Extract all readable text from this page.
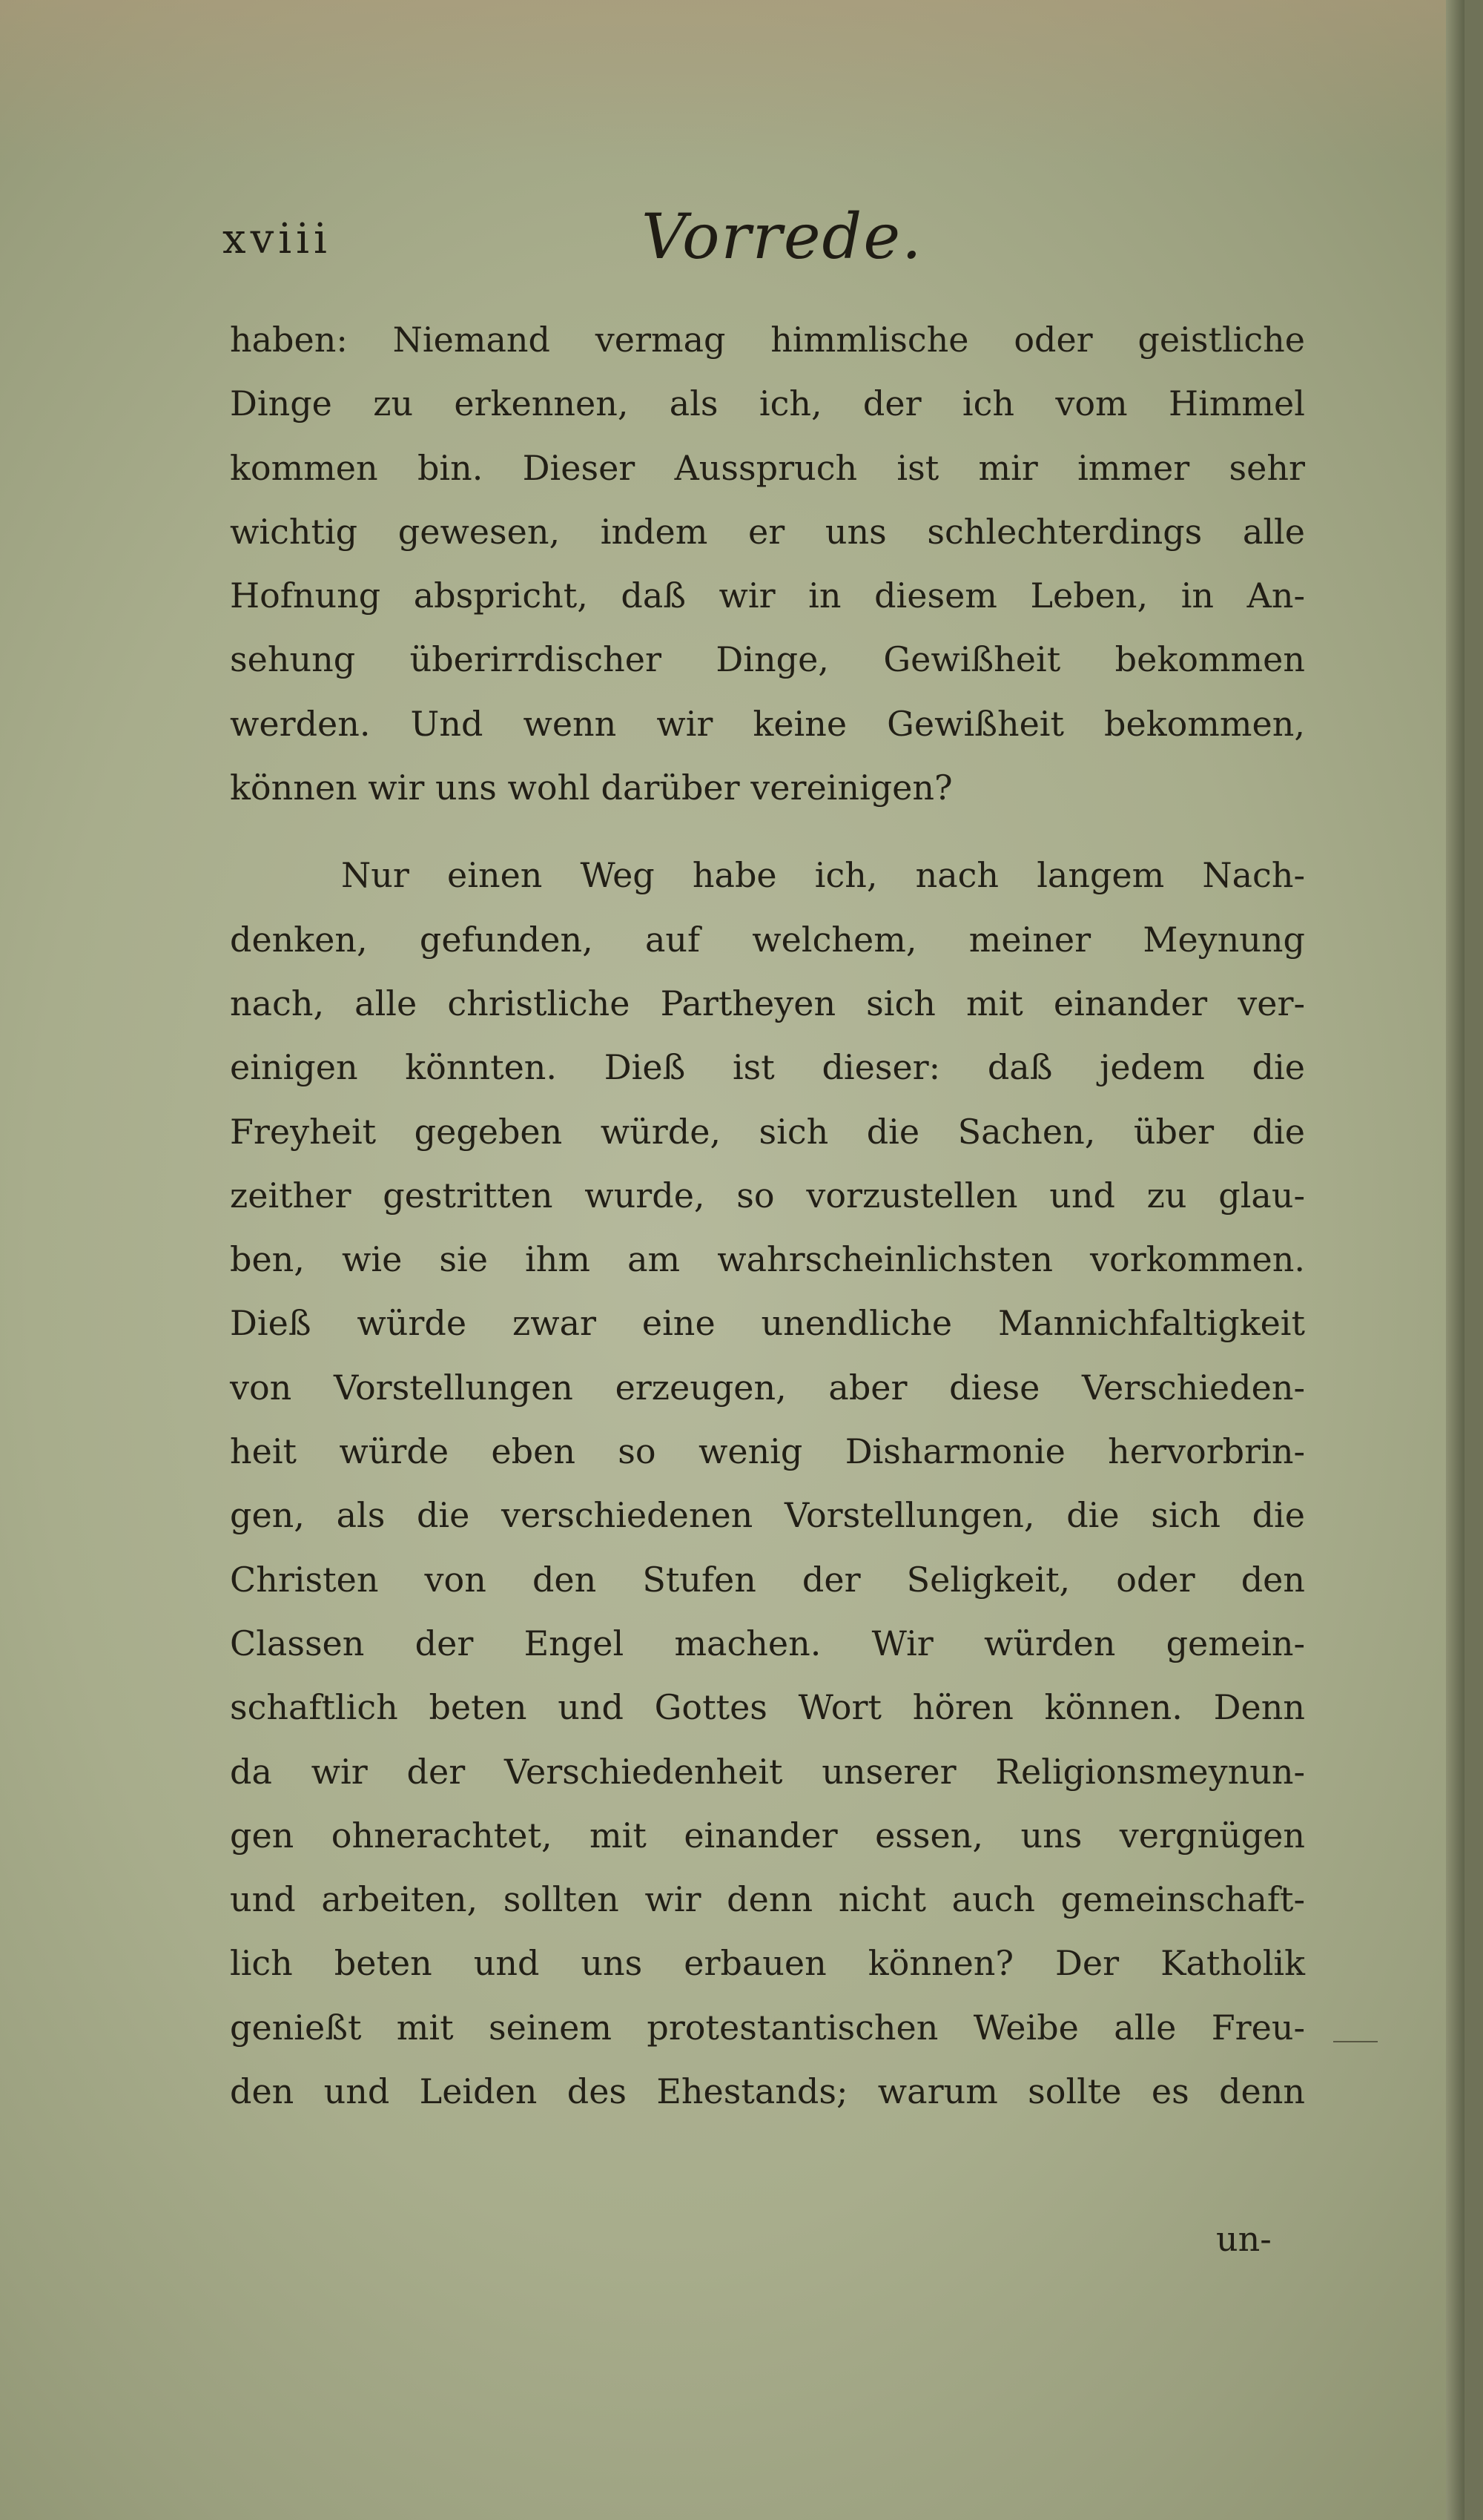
xviii	Vorrede.
haben: Niemand vermag himmlische oder geistliche
Dinge zu erkennen, als ich, der ich vom Himmel
kommen bin. Dieser Ausspruch ist mir immer sehr
wichtig gewesen, indem er uns schlechterdings alle
Hofnung abspricht, daß wir in diesem Leben, in An-
sehung überirrdischer Dinge, Gewißheit bekommen
werden. Und wenn wir keine Gewißheit bekommen,
können wir uns wohl darüber vereinigen?
Nur einen Weg habe ich, nach langem Nach-
denken, gefunden, auf welchem, meiner Meynung
nach, alle christliche Partheyen sich mit einander ver-
einigen könnten. Dieß ist dieser: daß jedem die
Freyheit gegeben würde, sich die Sachen, über die
zeither gestritten wurde, so vorzustellen und zu glau-
ben, wie sie ihm am wahrscheinlichsten vorkommen.
Dieß würde zwar eine unendliche Mannichfaltigkeit
von Vorstellungen erzeugen, aber diese Verschieden-
heit würde eben so wenig Disharmonie hervorbrin-
gen, als die verschiedenen Vorstellungen, die sich die
Christen von den Stufen der Seligkeit, oder den
Classen der Engel machen. Wir würden gemein-
schaftlich beten und Gottes Wort hören können. Denn
da wir der Verschiedenheit unserer Religionsmeynun-
gen ohnerachtet, mit einander essen, uns vergnügen
und arbeiten, sollten wir denn nicht auch gemeinschaft-
lich beten und uns erbauen können? Der Katholik
genießt mit seinem protestantischen Weibe alle Freu-
den und Leiden des Ehestands; warum sollte es denn
un-
